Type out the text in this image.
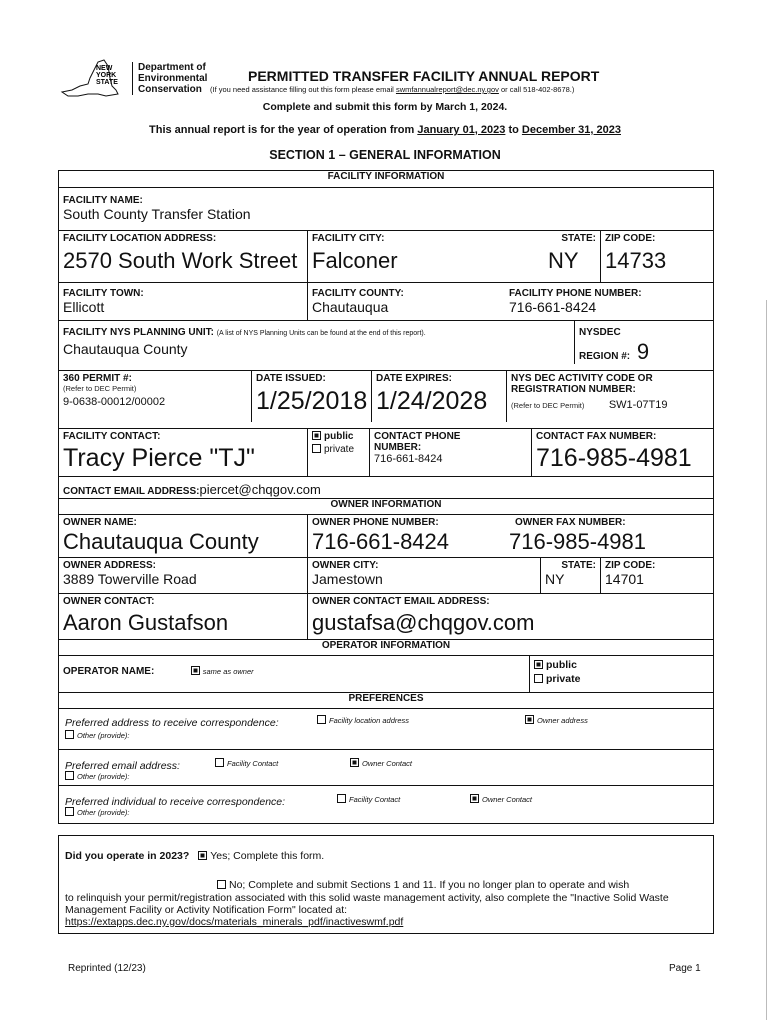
NEW
YORK
STATE
Department of
Environmental
Conservation
PERMITTED TRANSFER FACILITY ANNUAL REPORT
(If you need assistance filling out this form please email swmfannualreport@dec.ny.gov or call 518-402-8678.)
Complete and submit this form by March 1, 2024.
This annual report is for the year of operation from January 01, 2023 to December 31, 2023
SECTION 1 – GENERAL INFORMATION
FACILITY INFORMATION
FACILITY NAME:
South County Transfer Station
FACILITY LOCATION ADDRESS:
2570 South Work Street
FACILITY CITY:
Falconer
STATE:
NY
ZIP CODE:
14733
FACILITY TOWN:
Ellicott
FACILITY COUNTY:
Chautauqua
FACILITY PHONE NUMBER:
716-661-8424
FACILITY NYS PLANNING UNIT: (A list of NYS Planning Units can be found at the end of this report).
Chautauqua County
NYSDEC
REGION #: 9
360 PERMIT #:
(Refer to DEC Permit)
9-0638-00012/00002
DATE ISSUED:
1/25/2018
DATE EXPIRES:
1/24/2028
NYS DEC ACTIVITY CODE OR
REGISTRATION NUMBER:
(Refer to DEC Permit) SW1-07T19
FACILITY CONTACT:
Tracy Pierce "TJ"
public
private
CONTACT PHONE
NUMBER:
716-661-8424
CONTACT FAX NUMBER:
716-985-4981
CONTACT EMAIL ADDRESS:piercet@chqgov.com
OWNER INFORMATION
OWNER NAME:
Chautauqua County
OWNER PHONE NUMBER:
716-661-8424
OWNER FAX NUMBER:
716-985-4981
OWNER ADDRESS:
3889 Towerville Road
OWNER CITY:
Jamestown
STATE:
NY
ZIP CODE:
14701
OWNER CONTACT:
Aaron Gustafson
OWNER CONTACT EMAIL ADDRESS:
gustafsa@chqgov.com
OPERATOR INFORMATION
OPERATOR NAME:	same as owner
public
private
PREFERENCES
Preferred address to receive correspondence:	Facility location address	Owner address
Other (provide):
Preferred email address:	Facility Contact	Owner Contact
Other (provide):
Preferred individual to receive correspondence:	Facility Contact	Owner Contact
Other (provide):
Did you operate in 2023? Yes; Complete this form.
No; Complete and submit Sections 1 and 11. If you no longer plan to operate and wish
to relinquish your permit/registration associated with this solid waste management activity, also complete the "Inactive Solid Waste Management Facility or Activity Notification Form" located at:
https://extapps.dec.ny.gov/docs/materials_minerals_pdf/inactiveswmf.pdf
Reprinted (12/23)	Page 1
